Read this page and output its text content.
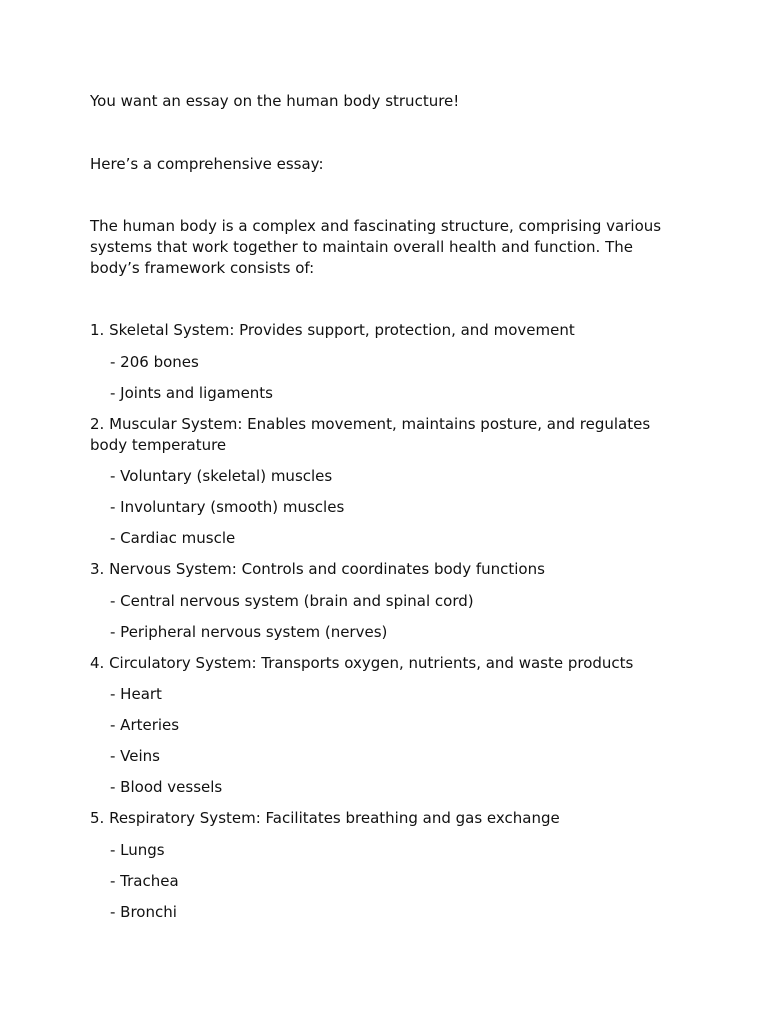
You want an essay on the human body structure!
Here’s a comprehensive essay:
The human body is a complex and fascinating structure, comprising various systems that work together to maintain overall health and function. The body’s framework consists of:
1. Skeletal System: Provides support, protection, and movement
- 206 bones
- Joints and ligaments
2. Muscular System: Enables movement, maintains posture, and regulates body temperature
- Voluntary (skeletal) muscles
- Involuntary (smooth) muscles
- Cardiac muscle
3. Nervous System: Controls and coordinates body functions
- Central nervous system (brain and spinal cord)
- Peripheral nervous system (nerves)
4. Circulatory System: Transports oxygen, nutrients, and waste products
- Heart
- Arteries
- Veins
- Blood vessels
5. Respiratory System: Facilitates breathing and gas exchange
- Lungs
- Trachea
- Bronchi
